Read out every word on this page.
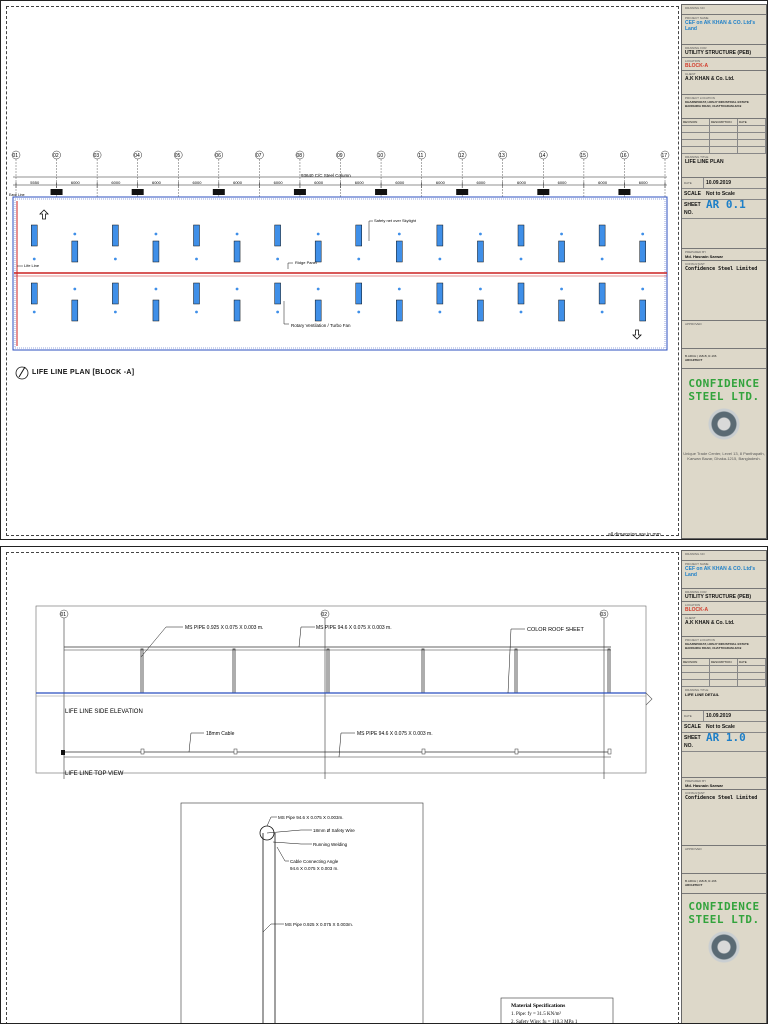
01	02	03	04	05	06	07	08	09	10	11	12	13	14	15	16	17
5550	6000	6000	6000	6000	6000	6000	6000	6000	6000	6000	6000	6000	6000	6000	6000
Safety net over Skylight
Ridge Panel
Life Line
Rotary Ventilation / Turbo Fan
Eave Line
93640 C/C Steel Column
LIFE LINE PLAN [BLOCK -A]
all dimension are in mm
DRAWING NO
PROJECT NAME
CEF on AK KHAN & CO. Ltd's Land
DRAWING FOR
UTILITY STRUCTURE (PEB)
LOCATION
BLOCK-A
CLIENT
A.K KHAN & Co. Ltd.
PROJECT LOCATION
KHAZINPARAT, HOSJY INDUSTRIAL ESTATE BADDHIRA ROAD, CHATTOGRAM-4219
REVISION	DESCRIPTION	DATE
DRAWING TITLE
LIFE LINE PLAN
DATE	10.09.2019
SCALE	Not to Scale
SHEET NO.
AR 0.1
PREPARED BY
Md. Hasnain Sarwar
CONSULTANT
Confidence Steel Limited
APPROVED

B.ARCH | IAB-B, R-166
ARCHITECT
CONFIDENCE
STEEL LTD.
Unique Trade Center, Level 13, 8 Panthapath, Karwan Bazar, Dhaka-1215, Bangladesh.
01	02	03
MS PIPE 0.925 X 0.075 X 0.003 m.	MS PIPE 94.6 X 0.075 X 0.003 m.	COLOR ROOF SHEET
LIFE LINE SIDE ELEVATION
18mm Cable	MS PIPE 94.6 X 0.075 X 0.003 m.
LIFE LINE TOP VIEW
MS Pipe 94.6 X 0.075 X 0.003m.
18mm Ø Safety Wire
Running Welding
Cable Connecting Angle
94.6 X 0.075 X 0.003 m.
MS Pipe 0.925 X 0.075 X 0.003m.
Material Specifications
1. Pipe: fy = 31.5 KN/m²
2. Safety Wire: fu = 110.3 MPa 1
DRAWING NO
PROJECT NAME
CEF on AK KHAN & CO. Ltd's Land
DRAWING FOR
UTILITY STRUCTURE (PEB)
LOCATION
BLOCK-A
CLIENT
A.K KHAN & Co. Ltd.
PROJECT LOCATION
KHAZINPARAT, HOSJY INDUSTRIAL ESTATE BADDHIRA ROAD, CHATTOGRAM-4219
REVISION	DESCRIPTION	DATE
DRAWING TITLE
LIFE LINE DETAIL
DATE	10.09.2019
SCALE	Not to Scale
SHEET NO.
AR 1.0
PREPARED BY
Md. Hasnain Sarwar
CONSULTANT
Confidence Steel Limited
APPROVED

B.ARCH | IAB-B, R-166
ARCHITECT
CONFIDENCE
STEEL LTD.
